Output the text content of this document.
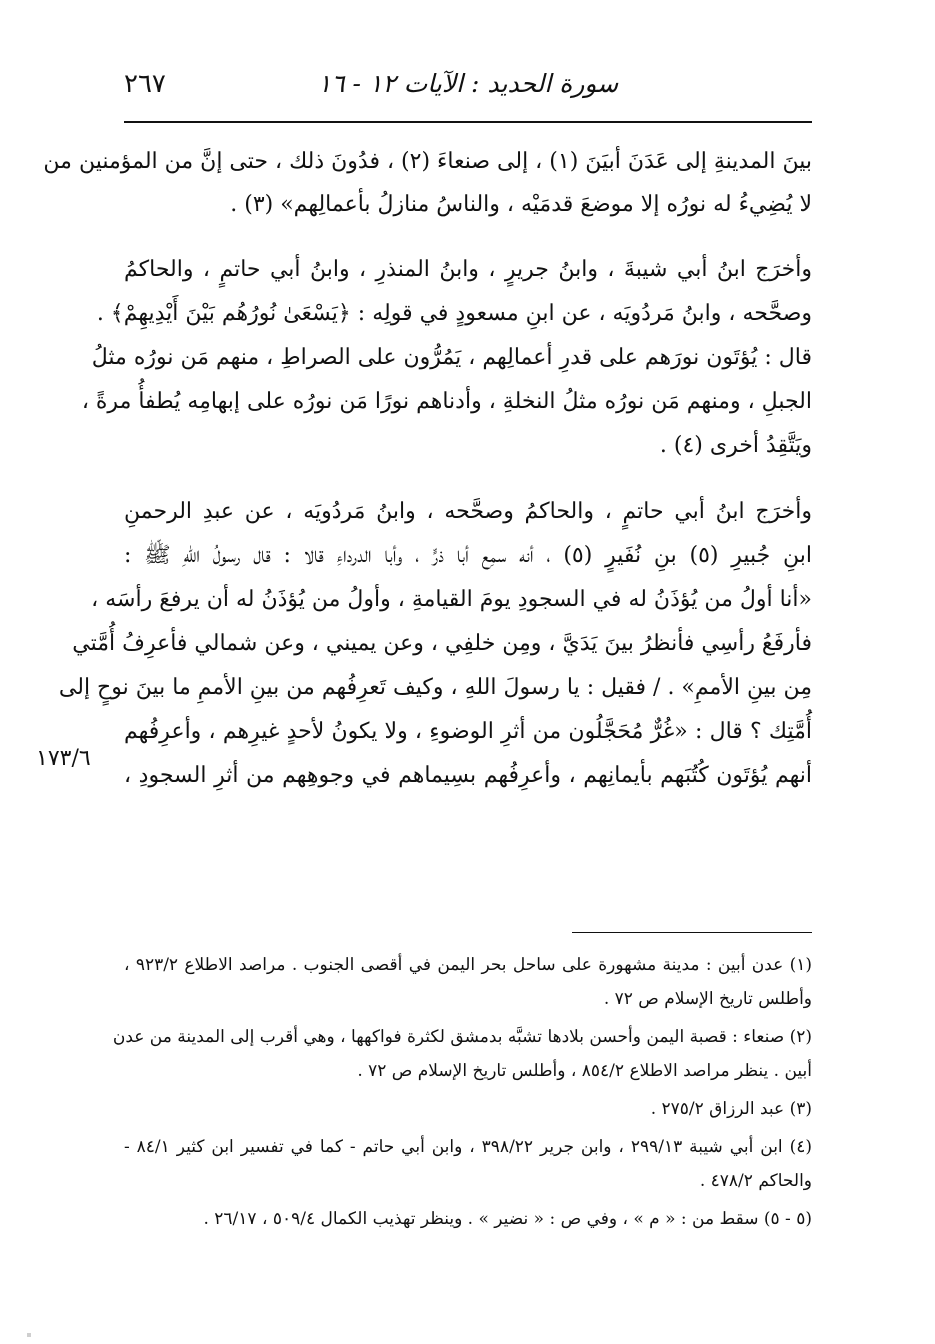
٢٦٧	سورة الحديد : الآيات ١٢ - ١٦
بينَ المدينةِ إلى عَدَنَ أبيَنَ (١) ، إلى صنعاءَ (٢) ، فدُونَ ذلك ، حتى إنَّ من المؤمنين من
لا يُضِيءُ له نورُه إلا موضعَ قدمَيْه ، والناسُ منازلُ بأعمالِهم» (٣) .
وأخرَج ابنُ أبي شيبةَ ، وابنُ جريرٍ ، وابنُ المنذرِ ، وابنُ أبي حاتمٍ ، والحاكمُ
وصحَّحه ، وابنُ مَردُويَه ، عن ابنِ مسعودٍ في قولِه : ﴿يَسْعَىٰ نُورُهُم بَيْنَ أَيْدِيهِمْ﴾ .
قال : يُؤتَون نورَهم على قدرِ أعمالِهم ، يَمُرُّون على الصراطِ ، منهم مَن نورُه مثلُ
الجبلِ ، ومنهم مَن نورُه مثلُ النخلةِ ، وأدناهم نورًا مَن نورُه على إبهامِه يُطفأُ مرةً ،
ويَتَّقِدُ أخرى (٤) .
وأخرَج ابنُ أبي حاتمٍ ، والحاكمُ وصحَّحه ، وابنُ مَردُويَه ، عن عبدِ الرحمنِ
ابنِ جُبيرِ (٥) بنِ نُفَيرٍ (٥) ، أنه سمِع أبا ذرٍّ ، وأبا الدرداءِ قالا : قال رسولُ اللهِ ﷺ :
«أنا أولُ من يُؤذَنُ له في السجودِ يومَ القيامةِ ، وأولُ من يُؤذَنُ له أن يرفعَ رأسَه ،
فأرفَعُ رأسِي فأنظرُ بينَ يَدَيَّ ، ومِن خلفِي ، وعن يميني ، وعن شمالي فأعرِفُ أُمَّتي
مِن بينِ الأممِ» . / فقيل : يا رسولَ اللهِ ، وكيف تَعرِفُهم من بينِ الأممِ ما بينَ نوحٍ إلى
أُمَّتِك ؟ قال : «غُرٌّ مُحَجَّلُون من أثرِ الوضوءِ ، ولا يكونُ لأحدٍ غيرِهم ، وأعرِفُهم
أنهم يُؤتَون كُتُبَهم بأيمانِهم ، وأعرِفُهم بسِيماهم في وجوهِهم من أثرِ السجودِ ،
١٧٣/٦
(١) عدن أبين : مدينة مشهورة على ساحل بحر اليمن في أقصى الجنوب . مراصد الاطلاع ٩٢٣/٢ ،
وأطلس تاريخ الإسلام ص ٧٢ .
(٢) صنعاء : قصبة اليمن وأحسن بلادها تشبَّه بدمشق لكثرة فواكهها ، وهي أقرب إلى المدينة من عدن
أبين . ينظر مراصد الاطلاع ٨٥٤/٢ ، وأطلس تاريخ الإسلام ص ٧٢ .
(٣) عبد الرزاق ٢٧٥/٢ .
(٤) ابن أبي شيبة ٢٩٩/١٣ ، وابن جرير ٣٩٨/٢٢ ، وابن أبي حاتم - كما في تفسير ابن كثير ٨٤/١ -
والحاكم ٤٧٨/٢ .
(٥ - ٥) سقط من : « م » ، وفي ص : « نضير » . وينظر تهذيب الكمال ٥٠٩/٤ ، ٢٦/١٧ .
